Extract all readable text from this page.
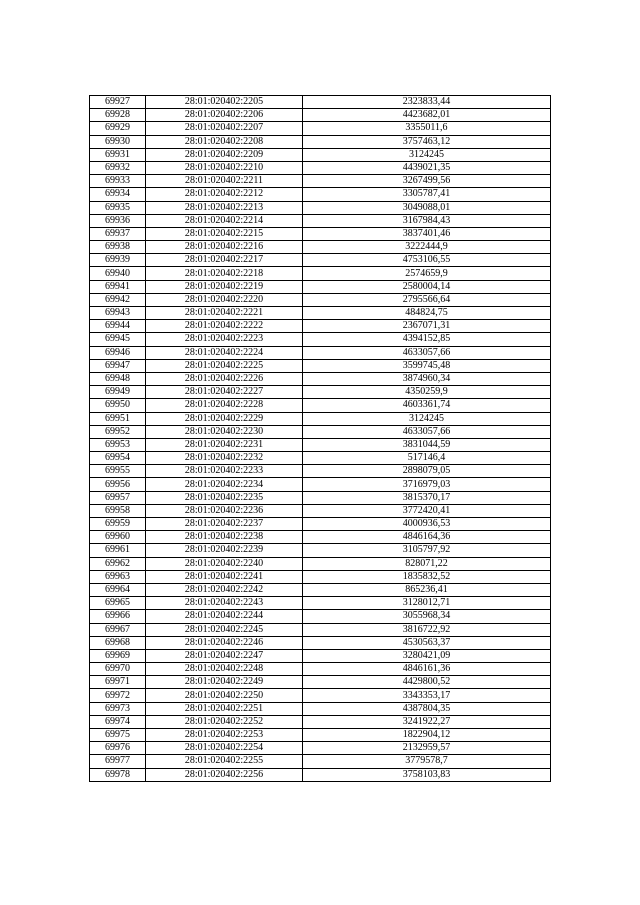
69927	28:01:020402:2205	2323833,44
69928	28:01:020402:2206	4423682,01
69929	28:01:020402:2207	3355011,6
69930	28:01:020402:2208	3757463,12
69931	28:01:020402:2209	3124245
69932	28:01:020402:2210	4439021,35
69933	28:01:020402:2211	3267499,56
69934	28:01:020402:2212	3305787,41
69935	28:01:020402:2213	3049088,01
69936	28:01:020402:2214	3167984,43
69937	28:01:020402:2215	3837401,46
69938	28:01:020402:2216	3222444,9
69939	28:01:020402:2217	4753106,55
69940	28:01:020402:2218	2574659,9
69941	28:01:020402:2219	2580004,14
69942	28:01:020402:2220	2795566,64
69943	28:01:020402:2221	484824,75
69944	28:01:020402:2222	2367071,31
69945	28:01:020402:2223	4394152,85
69946	28:01:020402:2224	4633057,66
69947	28:01:020402:2225	3599745,48
69948	28:01:020402:2226	3874960,34
69949	28:01:020402:2227	4350259,9
69950	28:01:020402:2228	4603361,74
69951	28:01:020402:2229	3124245
69952	28:01:020402:2230	4633057,66
69953	28:01:020402:2231	3831044,59
69954	28:01:020402:2232	517146,4
69955	28:01:020402:2233	2898079,05
69956	28:01:020402:2234	3716979,03
69957	28:01:020402:2235	3815370,17
69958	28:01:020402:2236	3772420,41
69959	28:01:020402:2237	4000936,53
69960	28:01:020402:2238	4846164,36
69961	28:01:020402:2239	3105797,92
69962	28:01:020402:2240	828071,22
69963	28:01:020402:2241	1835832,52
69964	28:01:020402:2242	865236,41
69965	28:01:020402:2243	3128012,71
69966	28:01:020402:2244	3055968,34
69967	28:01:020402:2245	3816722,92
69968	28:01:020402:2246	4530563,37
69969	28:01:020402:2247	3280421,09
69970	28:01:020402:2248	4846161,36
69971	28:01:020402:2249	4429800,52
69972	28:01:020402:2250	3343353,17
69973	28:01:020402:2251	4387804,35
69974	28:01:020402:2252	3241922,27
69975	28:01:020402:2253	1822904,12
69976	28:01:020402:2254	2132959,57
69977	28:01:020402:2255	3779578,7
69978	28:01:020402:2256	3758103,83
